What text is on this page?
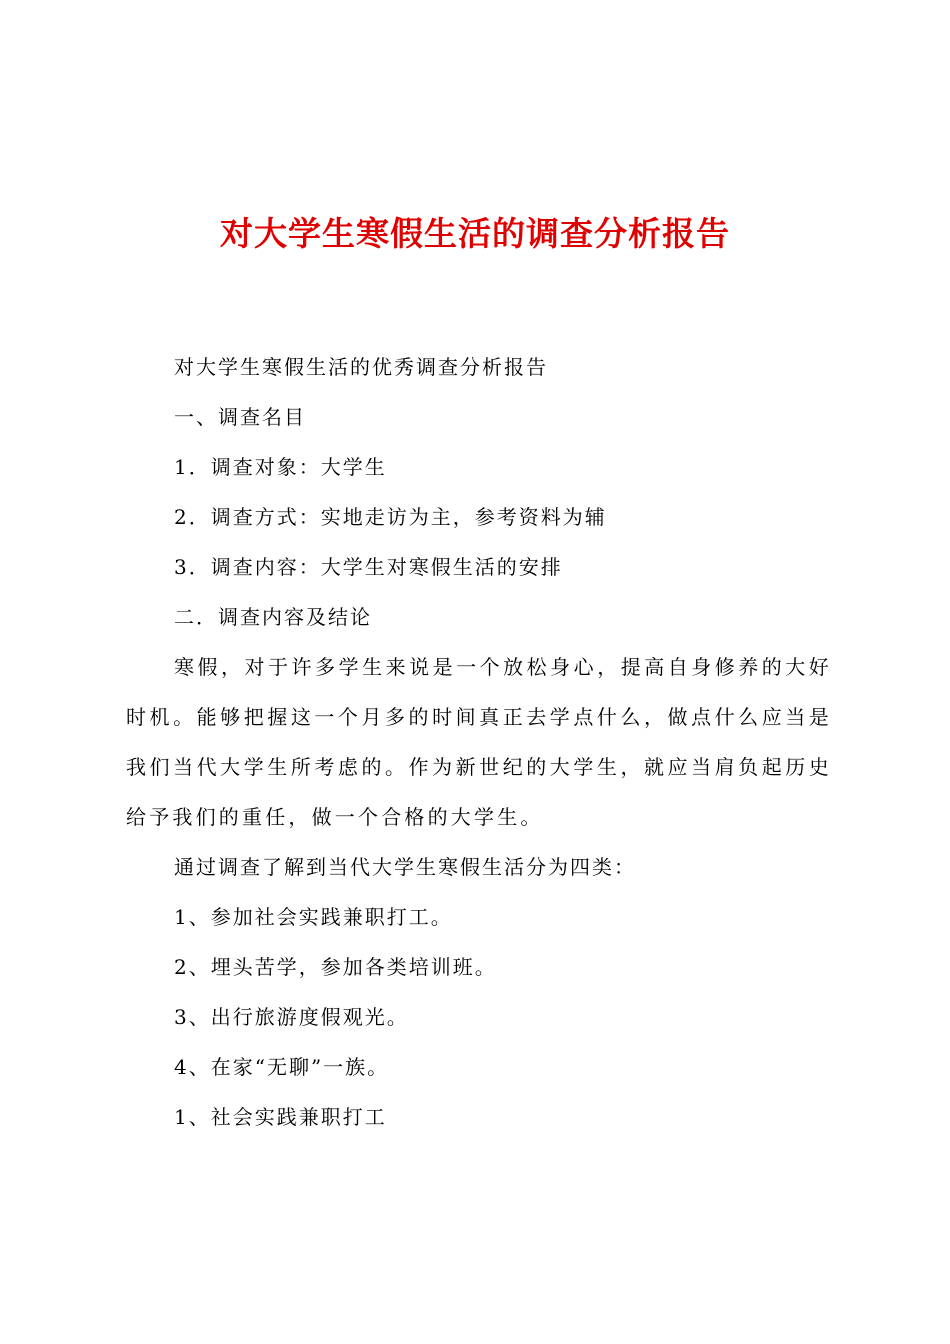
对大学生寒假生活的调查分析报告

对大学生寒假生活的优秀调查分析报告

一、调查名目

1．调查对象：大学生

2．调查方式：实地走访为主，参考资料为辅

3．调查内容：大学生对寒假生活的安排

二．调查内容及结论

寒假，对于许多学生来说是一个放松身心，提高自身修养的大好时机。能够把握这一个月多的时间真正去学点什么，做点什么应当是我们当代大学生所考虑的。作为新世纪的大学生，就应当肩负起历史给予我们的重任，做一个合格的大学生。

通过调查了解到当代大学生寒假生活分为四类：

1、参加社会实践兼职打工。

2、埋头苦学，参加各类培训班。

3、出行旅游度假观光。

4、在家“无聊”一族。

1、社会实践兼职打工
